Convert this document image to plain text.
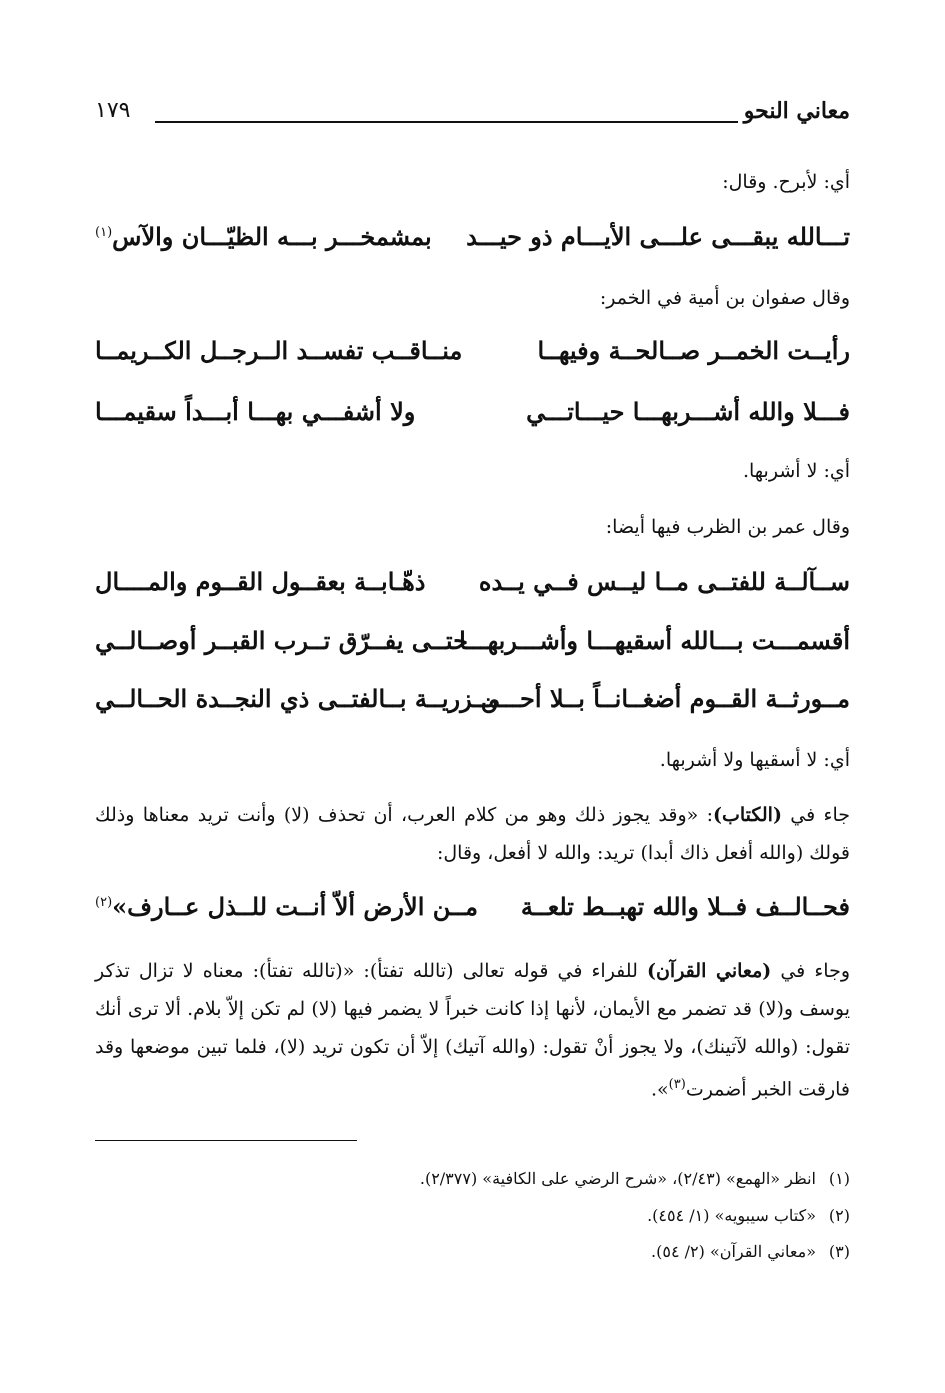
معاني النحو
١٧٩
أي: لأبرح. وقال:
تـــالله يبقـــى علـــى الأيـــام ذو حيـــد
بمشمخـــر بـــه الظيّـــان والآس$^{(١)}$
وقال صفوان بن أمية في الخمر:
رأيــت الخمــر صــالحــة وفيهــا
منــاقــب تفســد الــرجــل الكــريمــا
فـــلا والله أشـــربهـــا حيـــاتـــي
ولا أشفـــي بهـــا أبـــداً سقيمـــا
أي: لا أشربها.
وقال عمر بن الظرب فيها أيضا:
ســآلــة للفتــى مــا ليــس فــي يــده
ذهّـابــة بعقــول القــوم والمــــال
أقسمـــت بـــالله أسقيهـــا وأشـــربهـــا
حتــى يفــرّق تــرب القبــر أوصــالــي
مــورثــة القــوم أضغــانــاً بــلا أحـــن
مــزريــة بــالفتــى ذي النجــدة الحــالــي
أي: لا أسقيها ولا أشربها.
جاء في (الكتاب): «وقد يجوز ذلك وهو من كلام العرب، أن تحذف (لا) وأنت تريد معناها وذلك قولك (والله أفعل ذاك أبدا) تريد: والله لا أفعل، وقال:
فحــالــف فــلا والله تهبــط تلعــة
مــن الأرض ألاّ أنــت للــذل عــارف»$^{(٢)}$
وجاء في (معاني القرآن) للفراء في قوله تعالى (تالله تفتأ): «(تالله تفتأ): معناه لا تزال تذكر يوسف و(لا) قد تضمر مع الأيمان، لأنها إذا كانت خبراً لا يضمر فيها (لا) لم تكن إلاّ بلام. ألا ترى أنك تقول: (والله لآتينك)، ولا يجوز أنْ تقول: (والله آتيك) إلاّ أن تكون تريد (لا)، فلما تبين موضعها وقد فارقت الخبر أضمرت$^{(٣)}$».
(١)انظر «الهمع» (٢/٤٣)، «شرح الرضي على الكافية» (٢/٣٧٧).
(٢)«كتاب سيبويه» (١/ ٤٥٤).
(٣)«معاني القرآن» (٢/ ٥٤).
